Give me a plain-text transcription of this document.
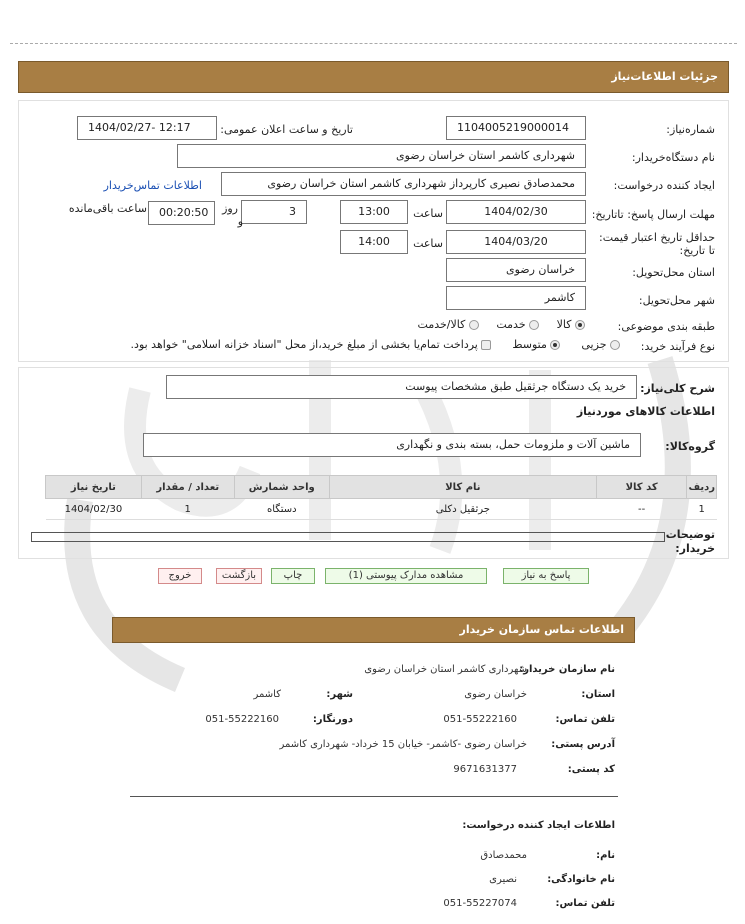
جزئیات اطلاعات‌نیاز
شماره‌نیاز:
1104005219000014
تاریخ و ساعت اعلان عمومی:
1404/02/27- 12:17
نام دستگاه‌خریدار:
شهرداری کاشمر استان خراسان رضوی
ایجاد کننده درخواست:
محمدصادق نصیری کارپرداز شهرداری کاشمر استان خراسان رضوی
اطلاعات تماس‌خریدار
مهلت ارسال پاسخ: تاتاریخ:
1404/02/30
ساعت
13:00
3
روز
و
00:20:50
ساعت باقی‌مانده
حداقل تاریخ اعتبار قیمت: تا تاریخ:
1404/03/20
ساعت
14:00
استان محل‌تحویل:
خراسان رضوی
شهر محل‌تحویل:
کاشمر
طبقه بندی موضوعی:
کالا      خدمت      کالا/خدمت
نوع فرآیند خرید:
جزیی       متوسط       پرداخت تمام‌یا بخشی از مبلغ خرید،از محل "اسناد خزانه اسلامی" خواهد بود.
شرح کلی‌نیاز:
خرید یک دستگاه جرثقیل طبق مشخصات پیوست
اطلاعات کالاهای موردنیاز
گروه‌کالا:
ماشین آلات و ملزومات حمل، بسته بندی و نگهداری
ردیف	کد کالا	نام کالا	واحد شمارش	تعداد / مقدار	تاریخ نیاز
1	--	جرثقیل دکلی	دستگاه	1	1404/02/30
توضیحات خریدار:
پاسخ به نیاز
مشاهده مدارک پیوستی (1)
چاپ
بازگشت
خروج
اطلاعات تماس سازمان خریدار
نام سازمان خریدار:
شهرداری کاشمر استان خراسان رضوی
استان:
خراسان رضوی
شهر:
کاشمر
تلفن تماس:
051-55222160
دورنگار:
051-55222160
آدرس پستی:
خراسان رضوی -کاشمر- خیابان 15 خرداد- شهرداری کاشمر
کد پستی:
9671631377
اطلاعات ایجاد کننده درخواست:
نام:
محمدصادق
نام خانوادگی:
نصیری
تلفن تماس:
051-55227074
